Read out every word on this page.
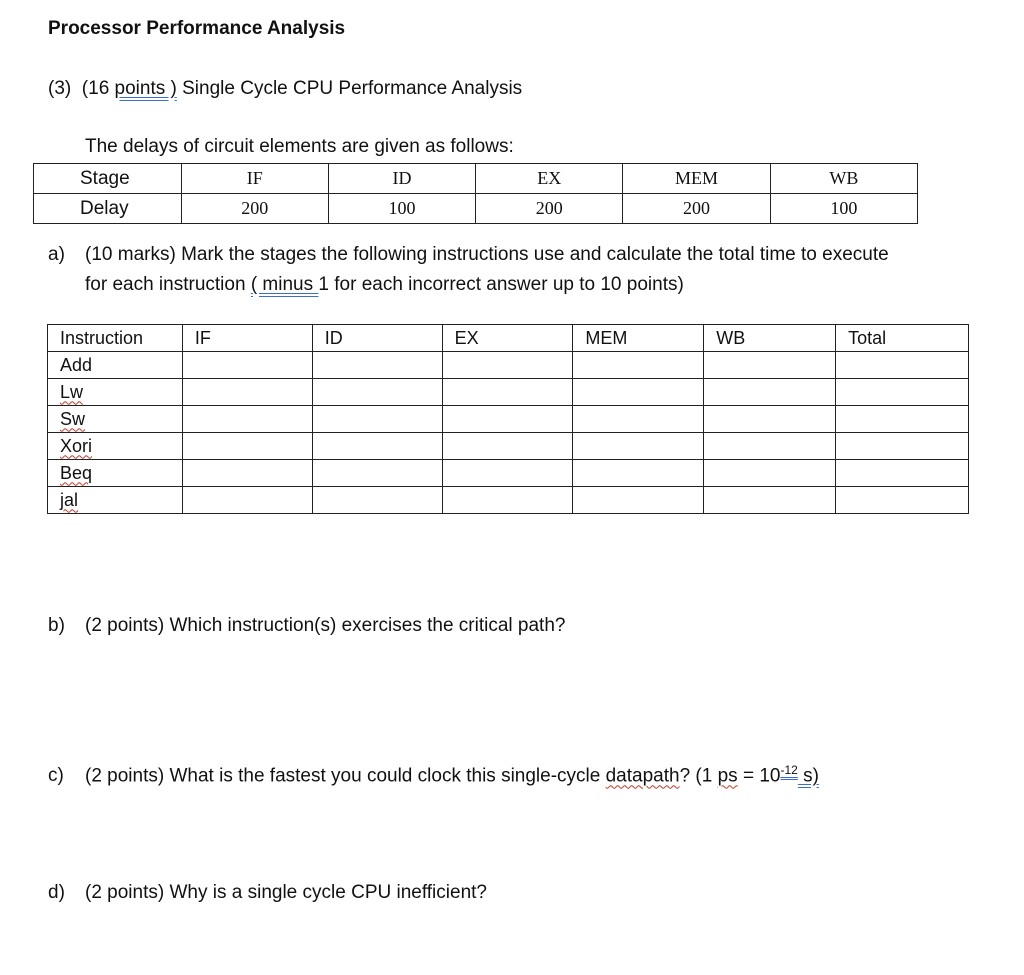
Processor Performance Analysis
(3) (16 points ) Single Cycle CPU Performance Analysis
The delays of circuit elements are given as follows:
Stage	IF	ID	EX	MEM	WB
Delay	200	100	200	200	100
a) (10 marks) Mark the stages the following instructions use and calculate the total time to execute
for each instruction ( minus 1 for each incorrect answer up to 10 points)
Instruction	IF	ID	EX	MEM	WB	Total
Add						
Lw						
Sw						
Xori						
Beq						
jal						
b) (2 points) Which instruction(s) exercises the critical path?
c) (2 points) What is the fastest you could clock this single-cycle datapath? (1 ps = $10^{-12}$ s)
d) (2 points) Why is a single cycle CPU inefficient?
